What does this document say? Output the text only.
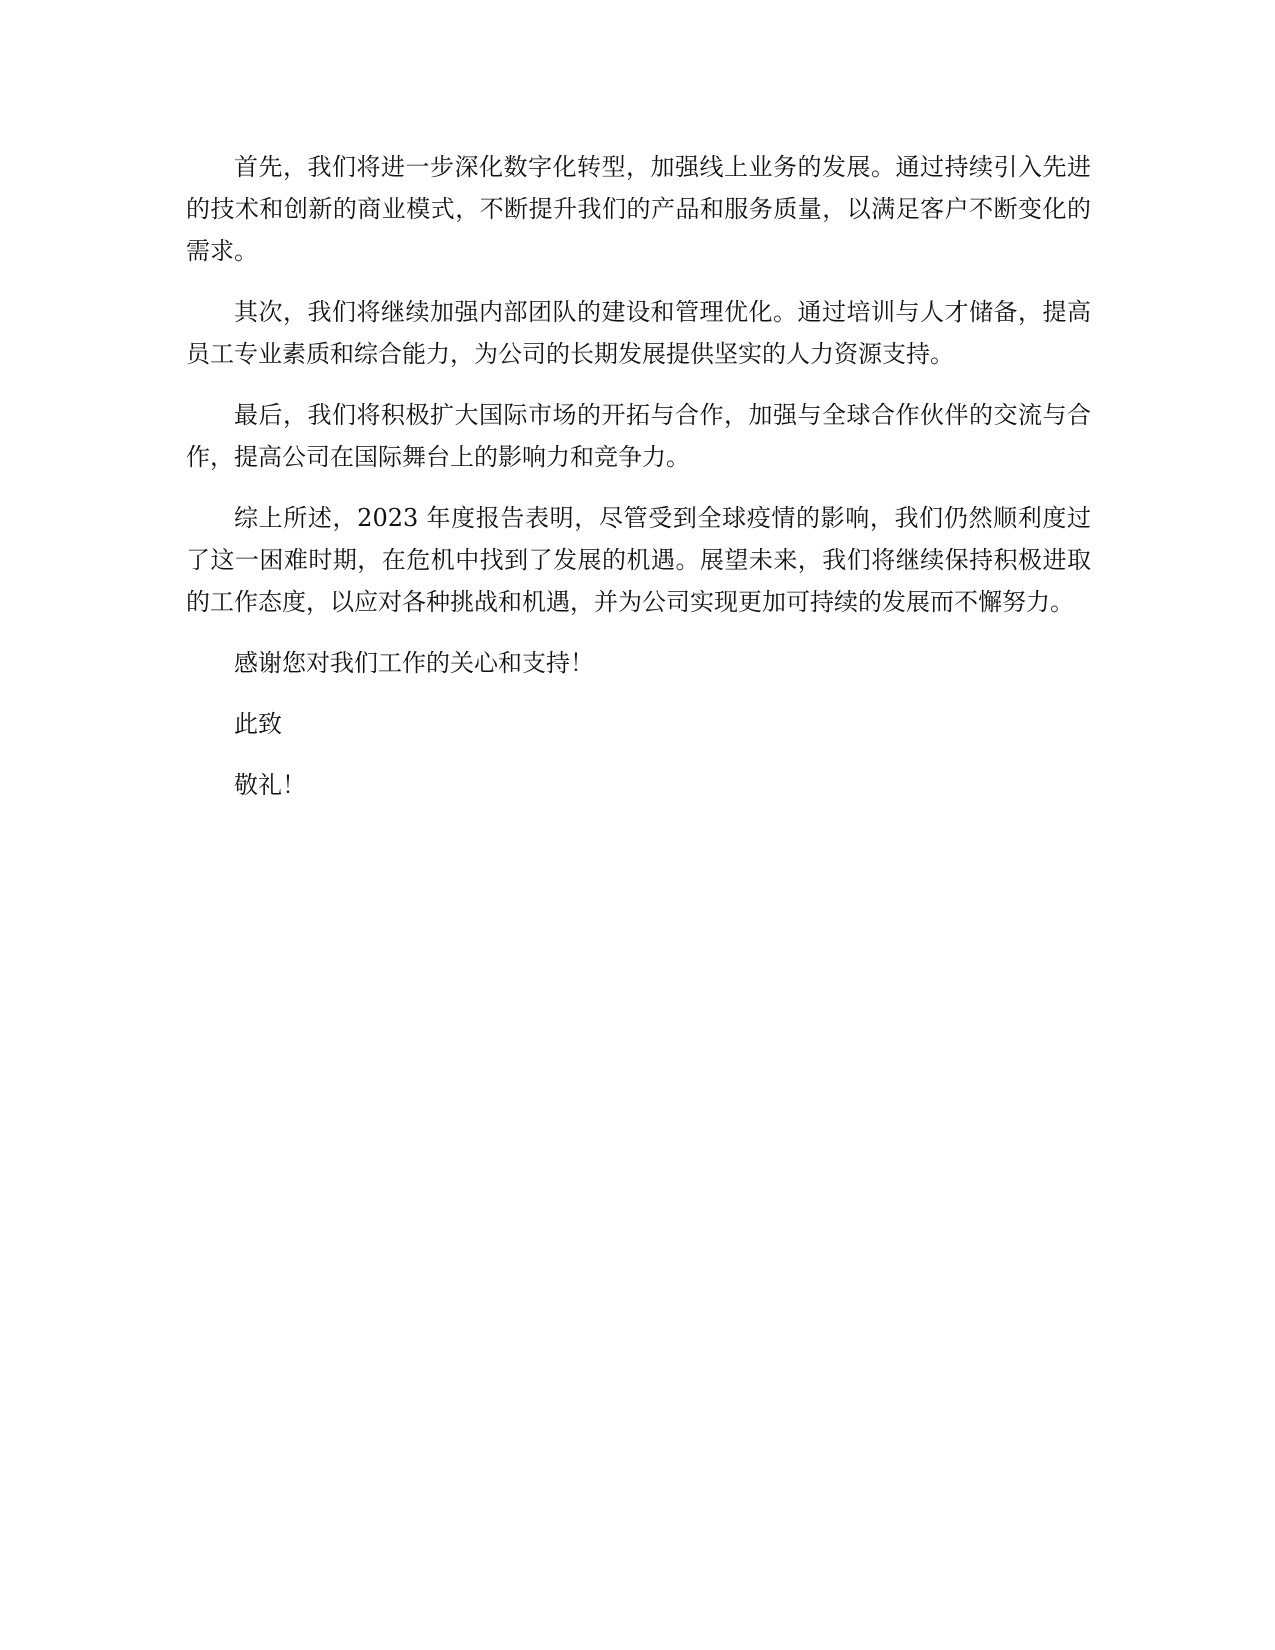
首先，我们将进一步深化数字化转型，加强线上业务的发展。通过持续引入先进的技术和创新的商业模式，不断提升我们的产品和服务质量，以满足客户不断变化的需求。

其次，我们将继续加强内部团队的建设和管理优化。通过培训与人才储备，提高员工专业素质和综合能力，为公司的长期发展提供坚实的人力资源支持。

最后，我们将积极扩大国际市场的开拓与合作，加强与全球合作伙伴的交流与合作，提高公司在国际舞台上的影响力和竞争力。

综上所述，2023 年度报告表明，尽管受到全球疫情的影响，我们仍然顺利度过了这一困难时期，在危机中找到了发展的机遇。展望未来，我们将继续保持积极进取的工作态度，以应对各种挑战和机遇，并为公司实现更加可持续的发展而不懈努力。

感谢您对我们工作的关心和支持！

此致

敬礼！
